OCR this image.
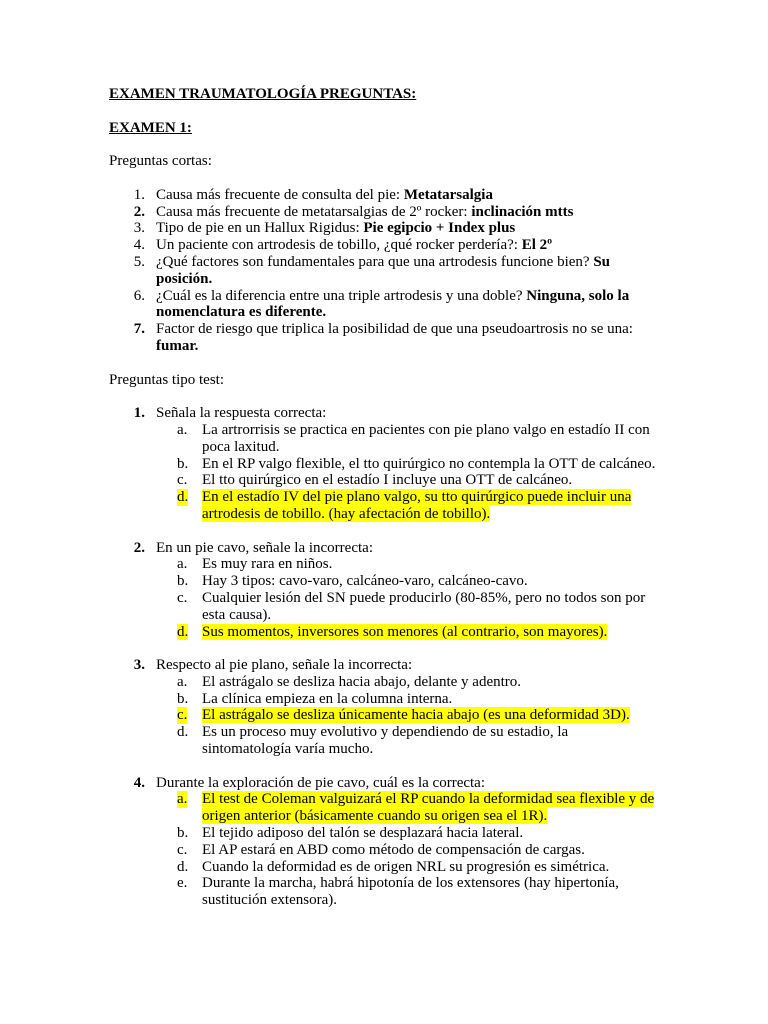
EXAMEN TRAUMATOLOGÍA PREGUNTAS:

EXAMEN 1:

Preguntas cortas:

1. Causa más frecuente de consulta del pie: Metatarsalgia
2. Causa más frecuente de metatarsalgias de 2º rocker: inclinación mtts
3. Tipo de pie en un Hallux Rigidus: Pie egipcio + Index plus
4. Un paciente con artrodesis de tobillo, ¿qué rocker perdería?: El 2º
5. ¿Qué factores son fundamentales para que una artrodesis funcione bien? Su posición.
6. ¿Cuál es la diferencia entre una triple artrodesis y una doble? Ninguna, solo la nomenclatura es diferente.
7. Factor de riesgo que triplica la posibilidad de que una pseudoartrosis no se una: fumar.

Preguntas tipo test:

1. Señala la respuesta correcta:

a. La artrorrisis se practica en pacientes con pie plano valgo en estadío II con poca laxitud.
b. En el RP valgo flexible, el tto quirúrgico no contempla la OTT de calcáneo.
c. El tto quirúrgico en el estadío I incluye una OTT de calcáneo.
d. En el estadío IV del pie plano valgo, su tto quirúrgico puede incluir una artrodesis de tobillo. (hay afectación de tobillo).

2. En un pie cavo, señale la incorrecta:

a. Es muy rara en niños.
b. Hay 3 tipos: cavo-varo, calcáneo-varo, calcáneo-cavo.
c. Cualquier lesión del SN puede producirlo (80-85%, pero no todos son por esta causa).
d. Sus momentos, inversores son menores (al contrario, son mayores).

3. Respecto al pie plano, señale la incorrecta:

a. El astrágalo se desliza hacia abajo, delante y adentro.
b. La clínica empieza en la columna interna.
c. El astrágalo se desliza únicamente hacia abajo (es una deformidad 3D).
d. Es un proceso muy evolutivo y dependiendo de su estadio, la sintomatología varía mucho.

4. Durante la exploración de pie cavo, cuál es la correcta:

a. El test de Coleman valguizará el RP cuando la deformidad sea flexible y de origen anterior (básicamente cuando su origen sea el 1R).
b. El tejido adiposo del talón se desplazará hacia lateral.
c. El AP estará en ABD como método de compensación de cargas.
d. Cuando la deformidad es de origen NRL su progresión es simétrica.
e. Durante la marcha, habrá hipotonía de los extensores (hay hipertonía, sustitución extensora).
